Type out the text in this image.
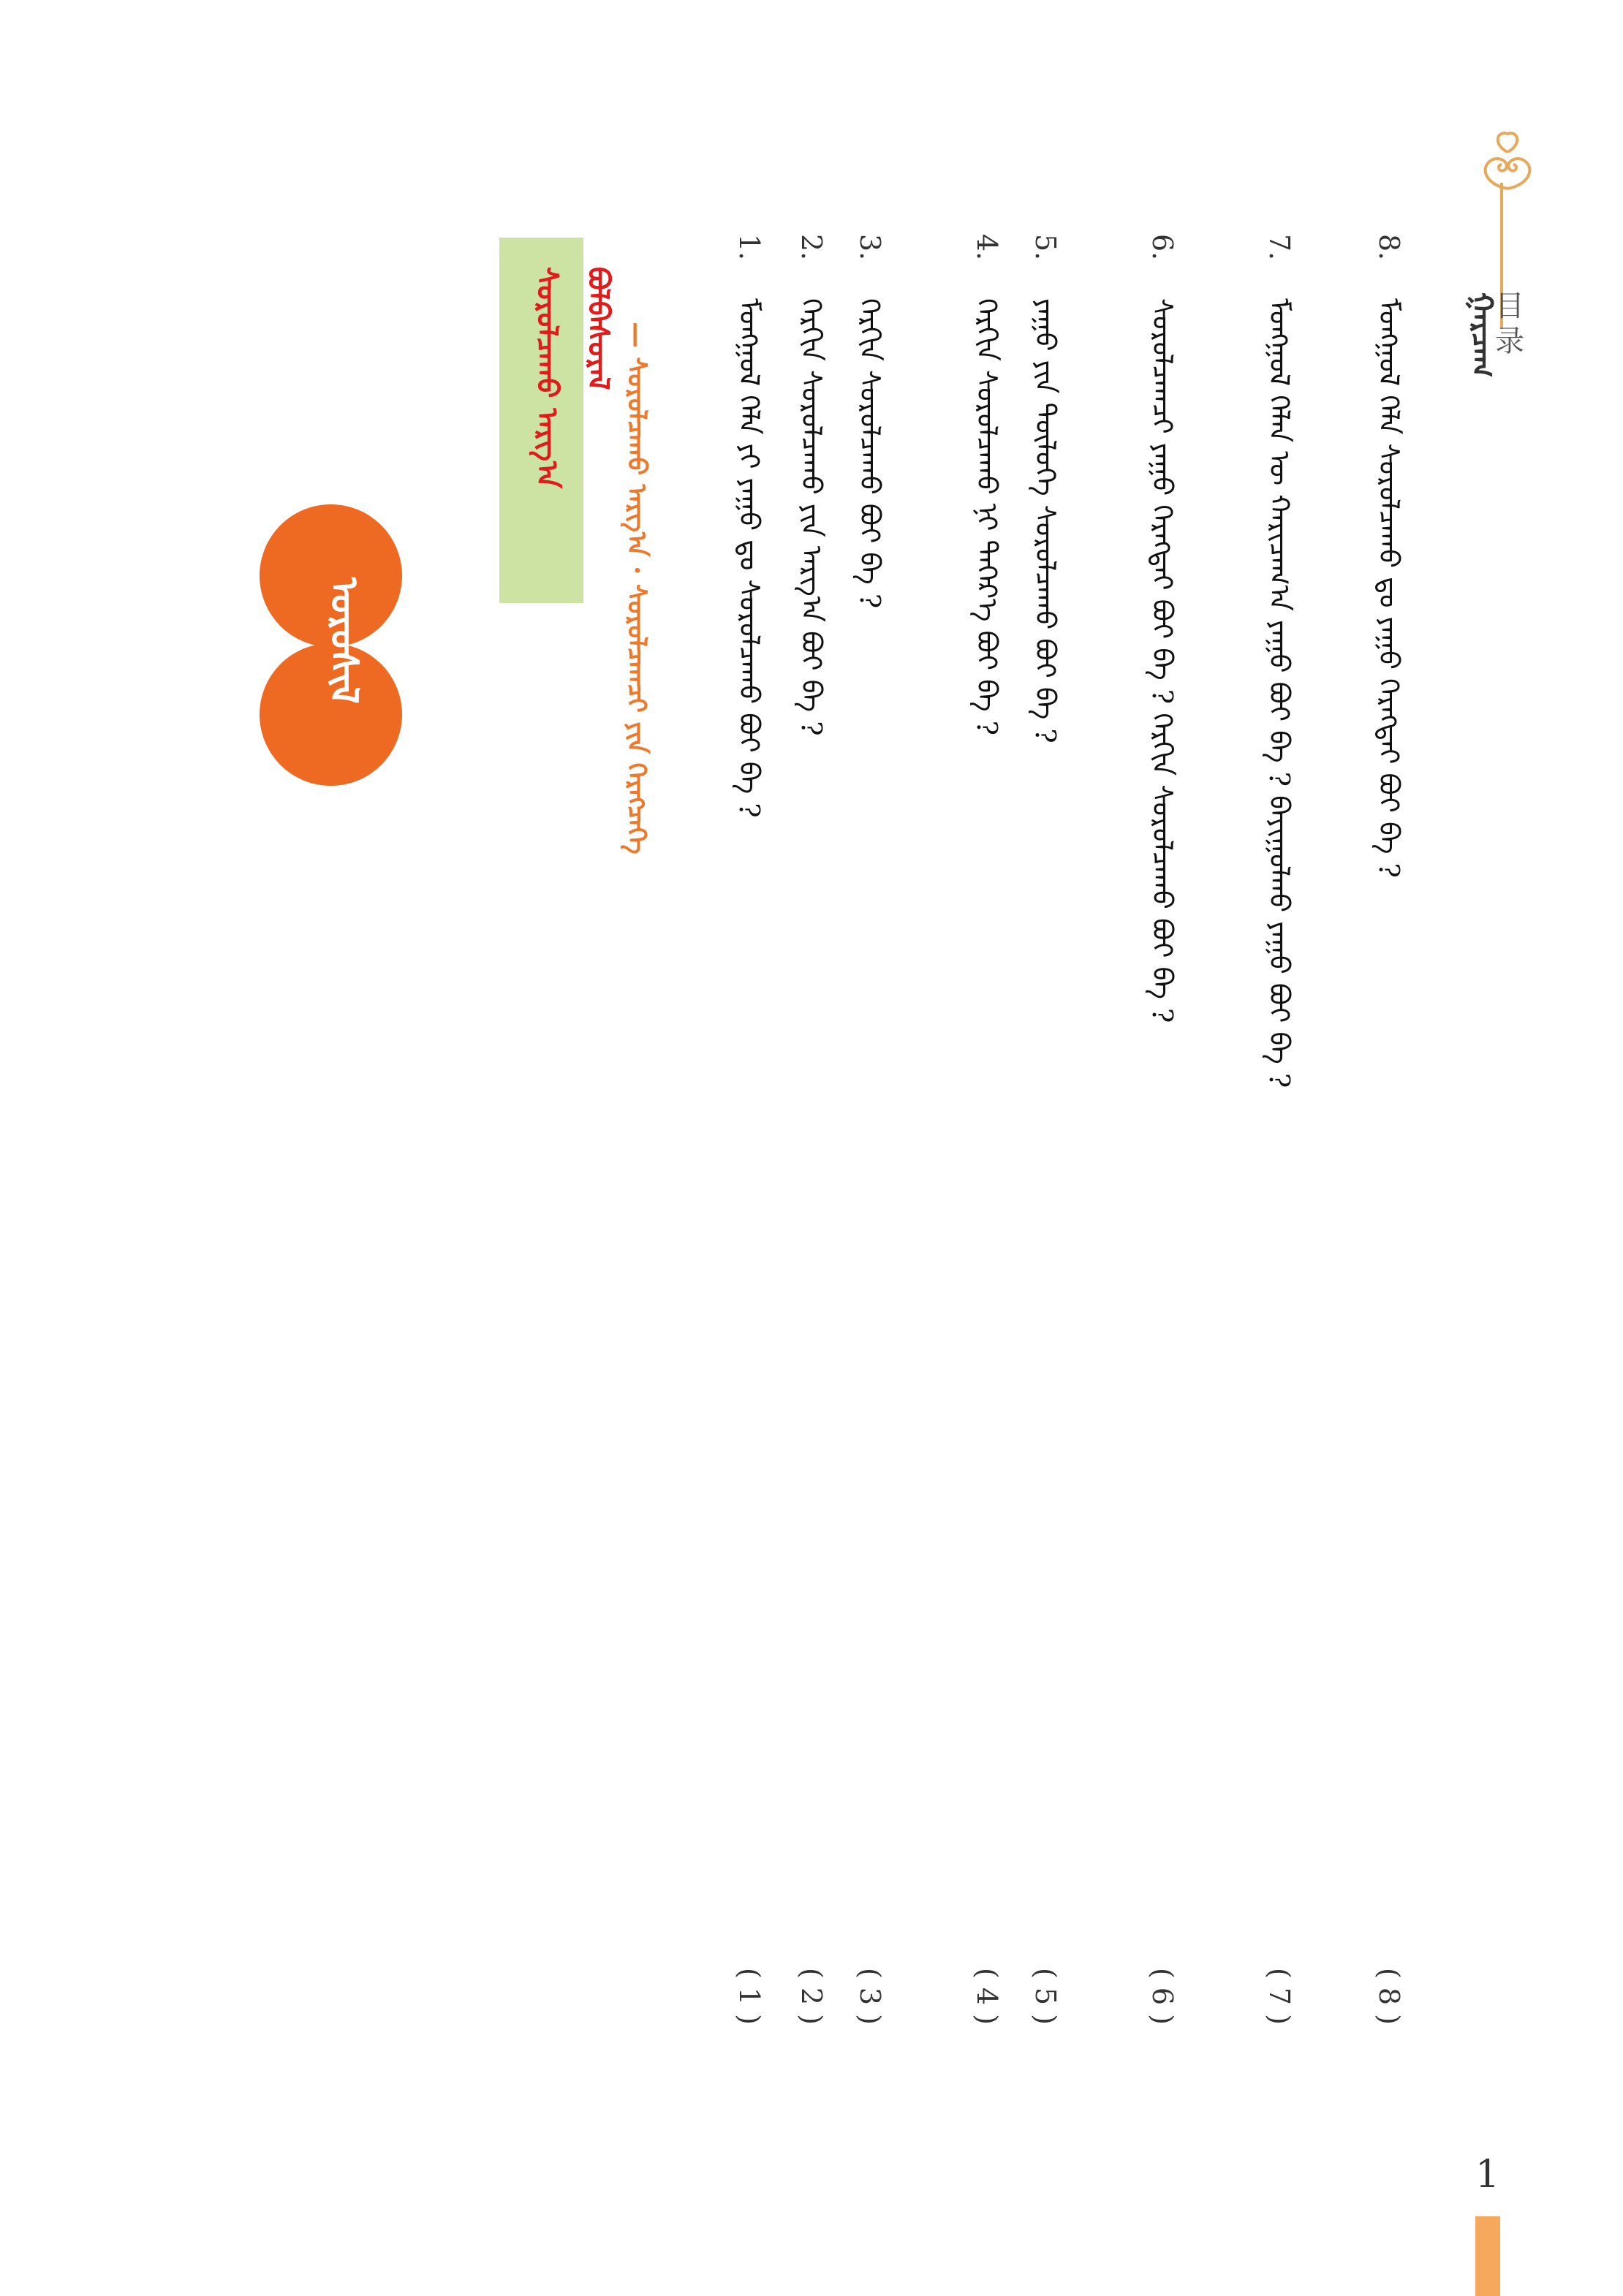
目
录
ᠭᠠᠷᠴᠠᠭ
8. ᠮᠣᠩᠭᠣᠯ ᠬᠡᠯᠡ ᠰᠤᠷᠤᠯᠴᠠᠬᠤ ᠳᠤ ᠶᠠᠭᠤ ᠬᠡᠷᠡᠭᠲᠡᠢ ᠪᠤᠢ ᠪᠡ ?
( 8 )
7. ᠮᠣᠩᠭᠣᠯ ᠬᠡᠯᠡᠨ ᠦ ᠬᠠᠷᠢᠴᠠᠭ᠎ᠠ ᠶᠠᠭᠤ ᠪᠤᠢ ᠪᠡ ? ᠪᠠᠶᠢᠭᠤᠯᠬᠤ ᠶᠠᠭᠤ ᠪᠤᠢ ᠪᠡ ?
( 7 )
6. ᠰᠤᠷᠤᠯᠴᠠᠭᠴᠢ ᠶᠠᠭᠤ ᠬᠡᠷᠡᠭᠲᠡᠢ ᠪᠤᠢ ᠪᠡ ? ᠬᠡᠷᠬᠢᠨ ᠰᠤᠷᠤᠯᠴᠠᠬᠤ ᠪᠤᠢ ᠪᠡ ?
( 6 )
5. ᠶᠠᠭᠤ ᠶᠢᠨ ᠲᠥᠯᠥᠭᠡ ᠰᠤᠷᠤᠯᠴᠠᠬᠤ ᠪᠤᠢ ᠪᠡ ?
( 5 )
4. ᠬᠡᠷᠬᠢᠨ ᠰᠤᠷᠤᠯᠴᠠᠬᠤ ᠨᠢ ᠳᠡᠭᠡᠷ᠎ᠡ ᠪᠤᠢ ᠪᠡ ?
( 4 )
3. ᠬᠡᠷᠬᠢᠨ ᠰᠤᠷᠤᠯᠴᠠᠬᠤ ᠪᠤᠢ ᠪᠡ ?
( 3 )
2. ᠬᠡᠷᠬᠢᠨ ᠰᠤᠷᠤᠯᠴᠠᠬᠤ ᠶᠢᠨ ᠠᠷᠭ᠎ᠠ ᠪᠤᠢ ᠪᠡ ?
( 2 )
1. ᠮᠣᠩᠭᠣᠯ ᠬᠡᠯᠡ ᠶᠢ ᠶᠠᠭᠤ ᠳᠤ ᠰᠤᠷᠤᠯᠴᠠᠬᠤ ᠪᠤᠢ ᠪᠡ ?
( 1 )
ᠰᠤᠷᠤᠯᠴᠠᠬᠤ ᠠᠷᠭ᠎ᠠ ᠪᠣᠯᠪᠠᠰᠤᠷᠠᠯ — ᠰᠤᠷᠤᠯᠴᠠᠬᠤ ᠠᠷᠭ᠎ᠠ · ᠰᠤᠷᠤᠯᠴᠠᠭᠴᠢ ᠶᠢᠨ ᠬᠡᠷᠡᠭᠴᠡᠭᠡ
ᠣᠷᠣᠰᠢᠯ
1
